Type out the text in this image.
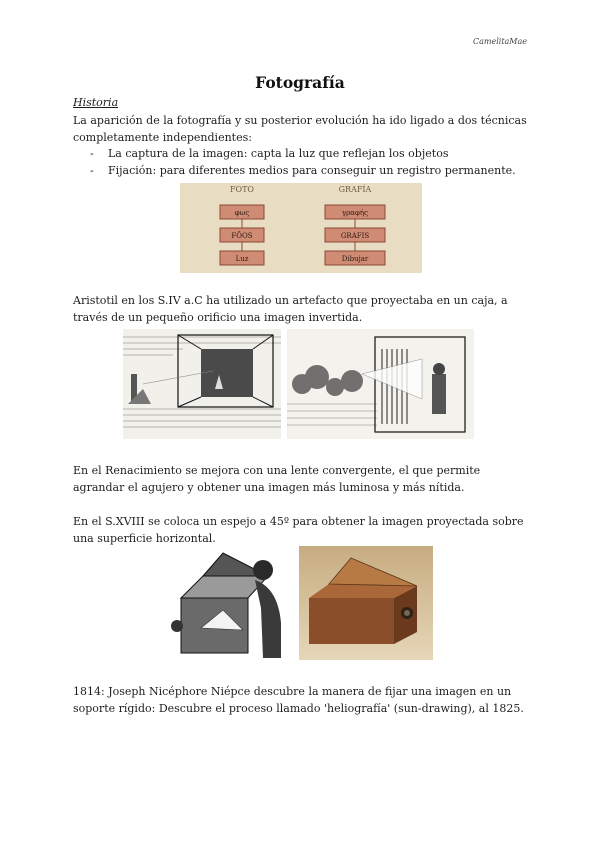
CamelitaMae
Fotografía
Historia
La aparición de la fotografía y su posterior evolución ha ido ligado a dos técnicas completamente independientes:
- La captura de la imagen: capta la luz que reflejan los objetos
- Fijación: para diferentes medios para conseguir un registro permanente.
FOTO	GRAFÍA
φως
FÕOS
Luz
γραφής
GRAFIS
Dibujar
Aristotil en los S.IV a.C ha utilizado un artefacto que proyectaba en un caja, a través de un pequeño orificio una imagen invertida.
En el Renacimiento se mejora con una lente convergente, el que permite agrandar el agujero y obtener una imagen más luminosa y más nítida.
En el S.XVIII se coloca un espejo a 45º para obtener la imagen proyectada sobre una superficie horizontal.
1814: Joseph Nicéphore Niépce descubre la manera de fijar una imagen en un soporte rígido: Descubre el proceso llamado 'heliografía' (sun-drawing), al 1825.
